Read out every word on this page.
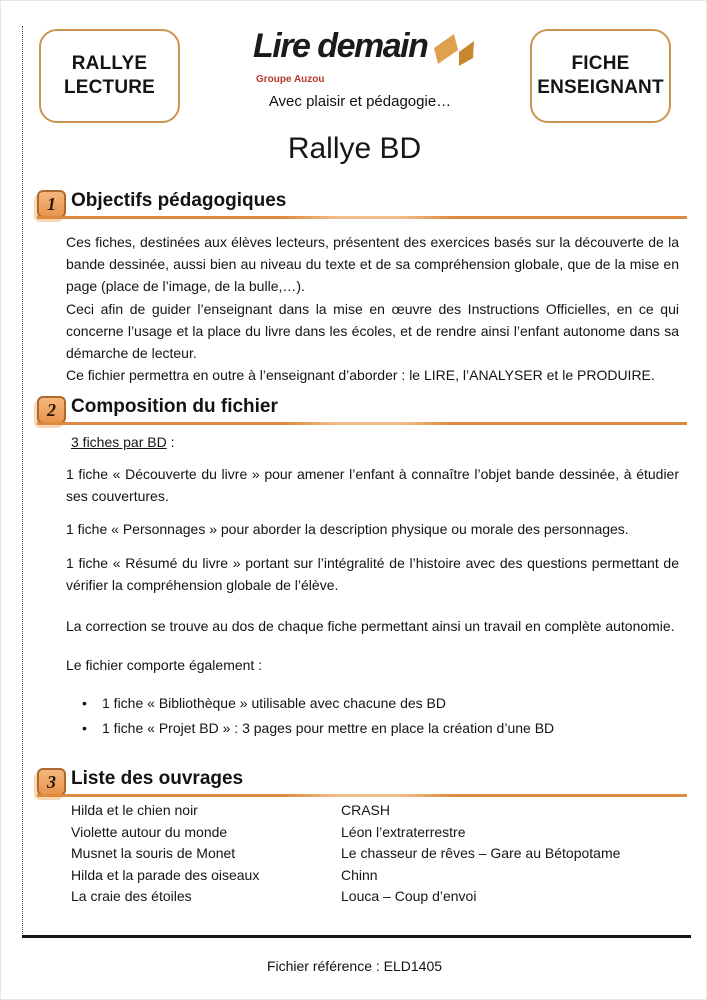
RALLYE
LECTURE
Lire demain
Groupe Auzou
Avec plaisir et pédagogie…
FICHE
ENSEIGNANT
Rallye BD
1 Objectifs pédagogiques

Ces fiches, destinées aux élèves lecteurs, présentent des exercices basés sur la découverte de la bande dessinée, aussi bien au niveau du texte et de sa compréhension globale, que de la mise en page (place de l’image, de la bulle,…).

Ceci afin de guider l’enseignant dans la mise en œuvre des Instructions Officielles, en ce qui concerne l’usage et la place du livre dans les écoles, et de rendre ainsi l’enfant autonome dans sa démarche de lecteur.

Ce fichier permettra en outre à l’enseignant d’aborder : le LIRE, l’ANALYSER et le PRODUIRE.

2 Composition du fichier
3 fiches par BD :

1 fiche « Découverte du livre » pour amener l’enfant à connaître l’objet bande dessinée, à étudier ses couvertures.

1 fiche « Personnages » pour aborder la description physique ou morale des personnages.

1 fiche « Résumé du livre » portant sur l’intégralité de l’histoire avec des questions permettant de vérifier la compréhension globale de l’élève.

La correction se trouve au dos de chaque fiche permettant ainsi un travail en complète autonomie.

Le fichier comporte également :

•	1 fiche « Bibliothèque » utilisable avec chacune des BD
•	1 fiche « Projet BD » : 3 pages pour mettre en place la création d’une BD
3 Liste des ouvrages
Hilda et le chien noir	CRASH
Violette autour du monde	Léon l’extraterrestre
Musnet la souris de Monet	Le chasseur de rêves – Gare au Bétopotame
Hilda et la parade des oiseaux	Chinn
La craie des étoiles	Louca – Coup d’envoi
Fichier référence : ELD1405
